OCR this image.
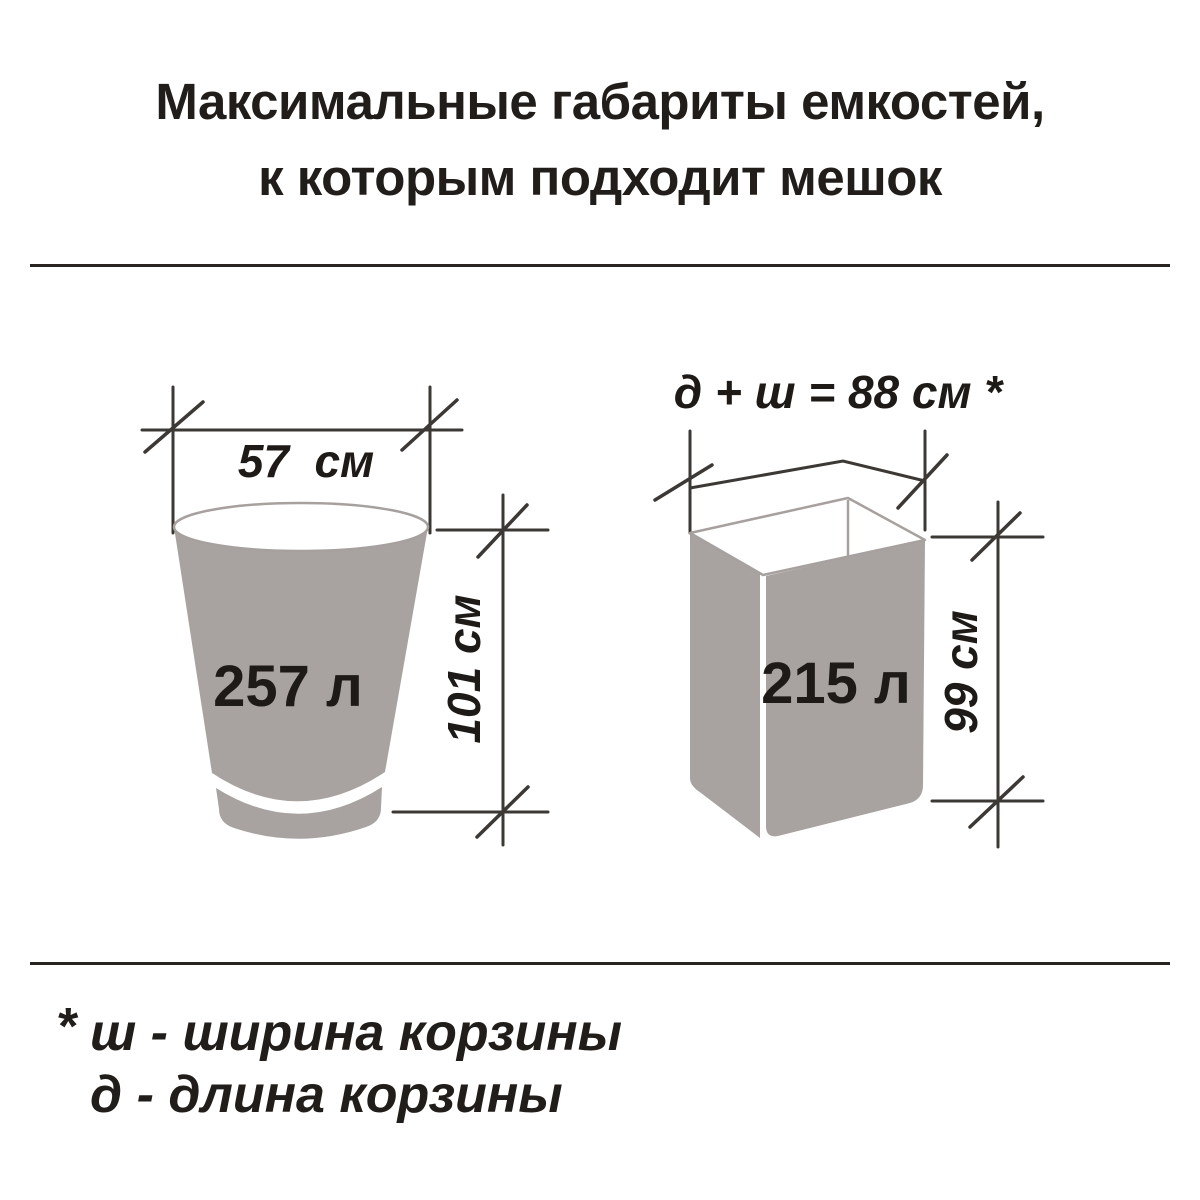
Максимальные габариты емкостей,
к которым подходит мешок
57  см
257 л 101 см
д + ш = 88 см *
215 л 99 см
* ш - ширина корзины
д - длина корзины
